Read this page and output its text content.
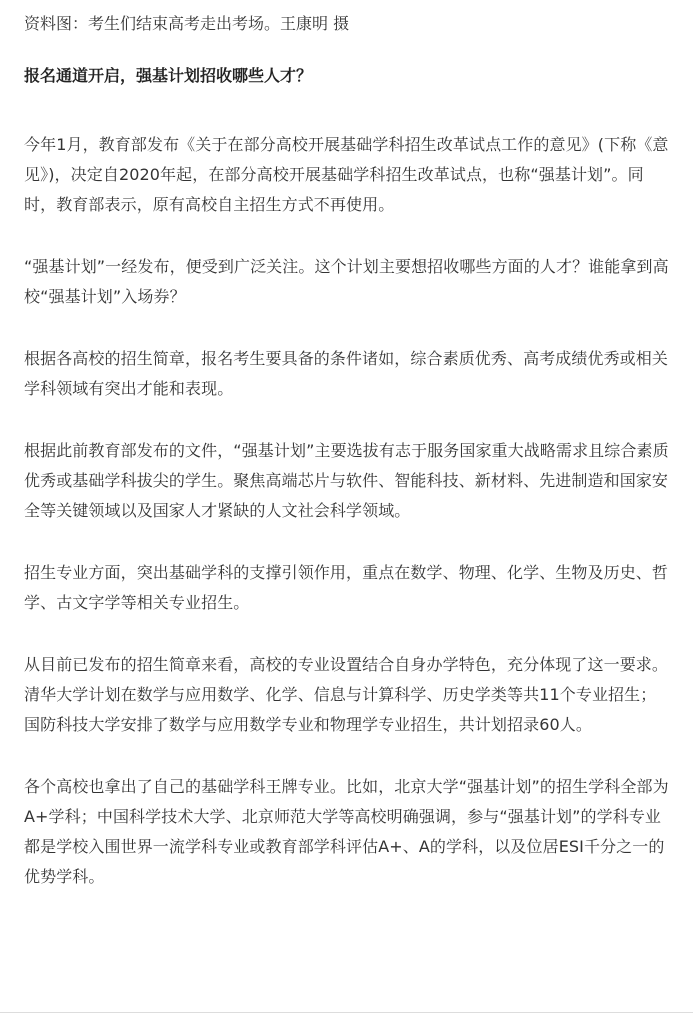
资料图：考生们结束高考走出考场。王康明 摄
报名通道开启，强基计划招收哪些人才？

今年1月，教育部发布《关于在部分高校开展基础学科招生改革试点工作的意见》(下称《意见》)，决定自2020年起，在部分高校开展基础学科招生改革试点，也称“强基计划”。同时，教育部表示，原有高校自主招生方式不再使用。

“强基计划”一经发布，便受到广泛关注。这个计划主要想招收哪些方面的人才？谁能拿到高校“强基计划”入场券？

根据各高校的招生简章，报名考生要具备的条件诸如，综合素质优秀、高考成绩优秀或相关学科领域有突出才能和表现。

根据此前教育部发布的文件，“强基计划”主要选拔有志于服务国家重大战略需求且综合素质优秀或基础学科拔尖的学生。聚焦高端芯片与软件、智能科技、新材料、先进制造和国家安全等关键领域以及国家人才紧缺的人文社会科学领域。

招生专业方面，突出基础学科的支撑引领作用，重点在数学、物理、化学、生物及历史、哲学、古文字学等相关专业招生。

从目前已发布的招生简章来看，高校的专业设置结合自身办学特色，充分体现了这一要求。清华大学计划在数学与应用数学、化学、信息与计算科学、历史学类等共11个专业招生；国防科技大学安排了数学与应用数学专业和物理学专业招生，共计划招录60人。

各个高校也拿出了自己的基础学科王牌专业。比如，北京大学“强基计划”的招生学科全部为A+学科；中国科学技术大学、北京师范大学等高校明确强调，参与“强基计划”的学科专业都是学校入围世界一流学科专业或教育部学科评估A+、A的学科，以及位居ESI千分之一的优势学科。
